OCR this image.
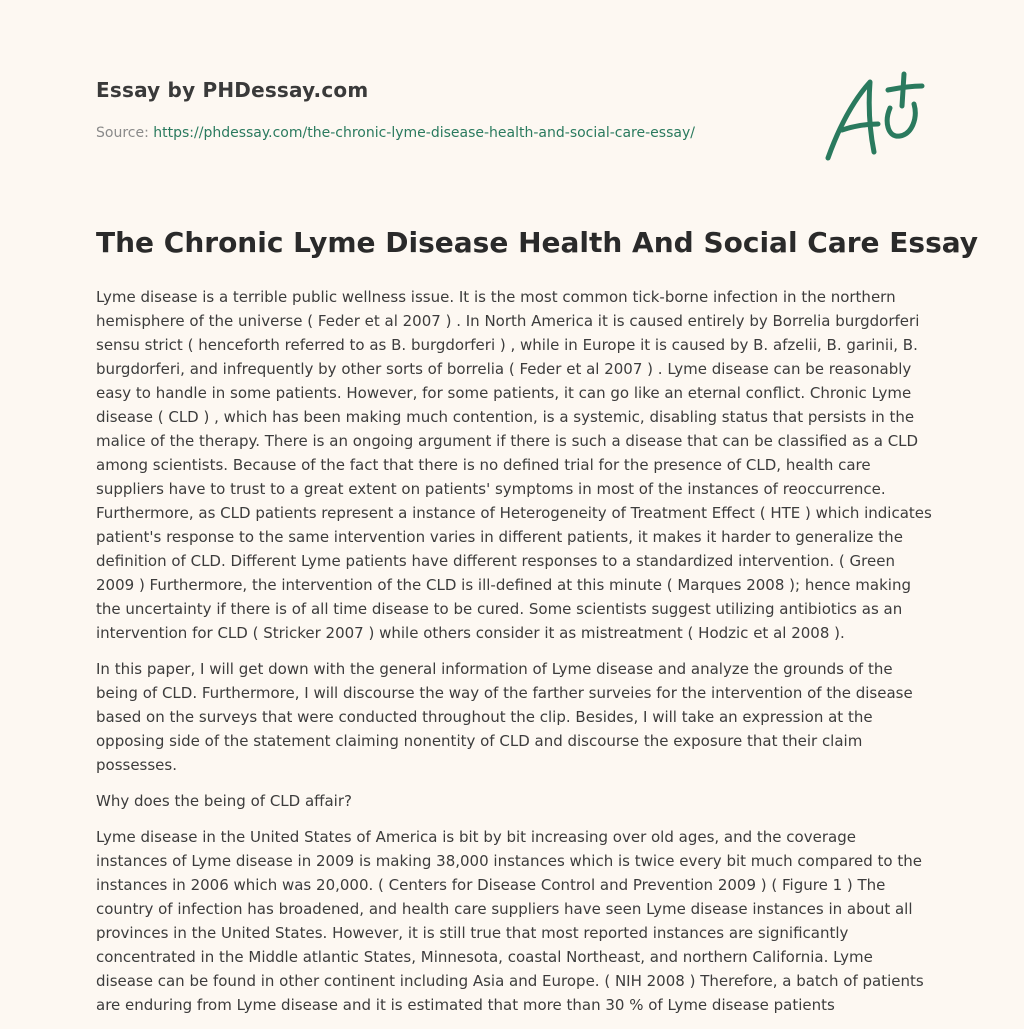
Essay by PHDessay.com
Source: https://phdessay.com/the-chronic-lyme-disease-health-and-social-care-essay/
The Chronic Lyme Disease Health And Social Care Essay

Lyme disease is a terrible public wellness issue. It is the most common tick-borne infection in the northern hemisphere of the universe ( Feder et al 2007 ) . In North America it is caused entirely by Borrelia burgdorferi sensu strict ( henceforth referred to as B. burgdorferi ) , while in Europe it is caused by B. afzelii, B. garinii, B. burgdorferi, and infrequently by other sorts of borrelia ( Feder et al 2007 ) . Lyme disease can be reasonably easy to handle in some patients. However, for some patients, it can go like an eternal conflict. Chronic Lyme disease ( CLD ) , which has been making much contention, is a systemic, disabling status that persists in the malice of the therapy. There is an ongoing argument if there is such a disease that can be classified as a CLD among scientists. Because of the fact that there is no defined trial for the presence of CLD, health care suppliers have to trust to a great extent on patients' symptoms in most of the instances of reoccurrence. Furthermore, as CLD patients represent a instance of Heterogeneity of Treatment Effect ( HTE ) which indicates patient's response to the same intervention varies in different patients, it makes it harder to generalize the definition of CLD. Different Lyme patients have different responses to a standardized intervention. ( Green 2009 ) Furthermore, the intervention of the CLD is ill-defined at this minute ( Marques 2008 ); hence making the uncertainty if there is of all time disease to be cured. Some scientists suggest utilizing antibiotics as an intervention for CLD ( Stricker 2007 ) while others consider it as mistreatment ( Hodzic et al 2008 ).

In this paper, I will get down with the general information of Lyme disease and analyze the grounds of the being of CLD. Furthermore, I will discourse the way of the farther surveies for the intervention of the disease based on the surveys that were conducted throughout the clip. Besides, I will take an expression at the opposing side of the statement claiming nonentity of CLD and discourse the exposure that their claim possesses.

Why does the being of CLD affair?

Lyme disease in the United States of America is bit by bit increasing over old ages, and the coverage instances of Lyme disease in 2009 is making 38,000 instances which is twice every bit much compared to the instances in 2006 which was 20,000. ( Centers for Disease Control and Prevention 2009 ) ( Figure 1 ) The country of infection has broadened, and health care suppliers have seen Lyme disease instances in about all provinces in the United States. However, it is still true that most reported instances are significantly concentrated in the Middle atlantic States, Minnesota, coastal Northeast, and northern California. Lyme disease can be found in other continent including Asia and Europe. ( NIH 2008 ) Therefore, a batch of patients are enduring from Lyme disease and it is estimated that more than 30 % of Lyme disease patients
